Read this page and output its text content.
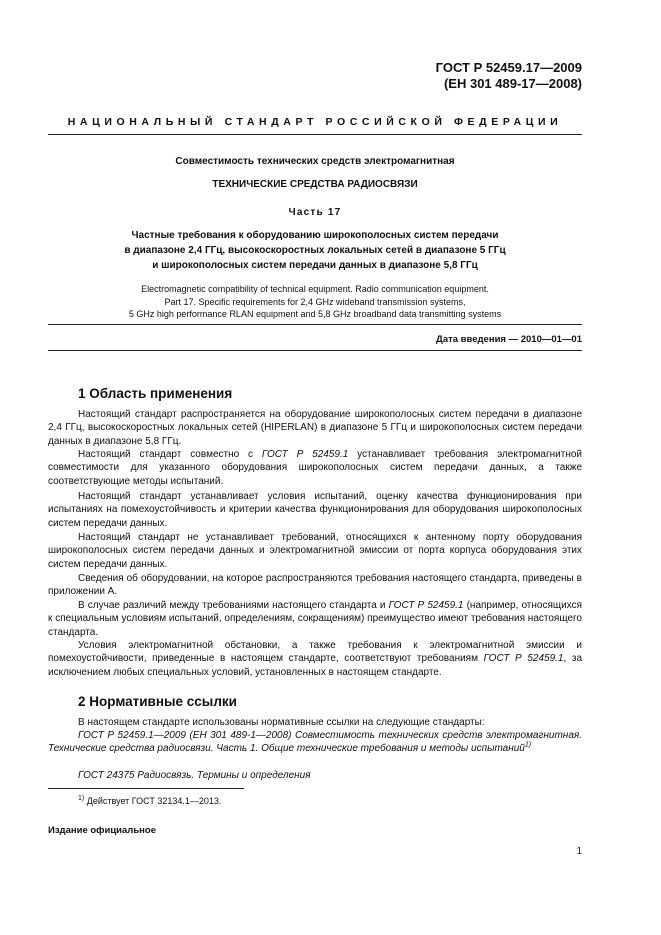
ГОСТ Р 52459.17—2009
(ЕН 301 489-17—2008)
НАЦИОНАЛЬНЫЙ СТАНДАРТ РОССИЙСКОЙ ФЕДЕРАЦИИ
Совместимость технических средств электромагнитная
ТЕХНИЧЕСКИЕ СРЕДСТВА РАДИОСВЯЗИ
Часть 17
Частные требования к оборудованию широкополосных систем передачи
в диапазоне 2,4 ГГц, высокоскоростных локальных сетей в диапазоне 5 ГГц
и широкополосных систем передачи данных в диапазоне 5,8 ГГц
Electromagnetic compatibility of technical equipment. Radio communication equipment.
Part 17. Specific requirements for 2,4 GHz wideband transmission systems,
5 GHz high performance RLAN equipment and 5,8 GHz broadband data transmitting systems
Дата введения — 2010—01—01
1 Область применения
Настоящий стандарт распространяется на оборудование широкополосных систем передачи в диапазоне 2,4 ГГц, высокоскоростных локальных сетей (HIPERLAN) в диапазоне 5 ГГц и широкополосных систем передачи данных в диапазоне 5,8 ГГц.
Настоящий стандарт совместно с ГОСТ Р 52459.1 устанавливает требования электромагнитной совместимости для указанного оборудования широкополосных систем передачи данных, а также соответствующие методы испытаний.
Настоящий стандарт устанавливает условия испытаний, оценку качества функционирования при испытаниях на помехоустойчивость и критерии качества функционирования для оборудования широкополосных систем передачи данных.
Настоящий стандарт не устанавливает требований, относящихся к антенному порту оборудования широкополосных систем передачи данных и электромагнитной эмиссии от порта корпуса оборудования этих систем передачи данных.
Сведения об оборудовании, на которое распространяются требования настоящего стандарта, приведены в приложении А.
В случае различий между требованиями настоящего стандарта и ГОСТ Р 52459.1 (например, относящихся к специальным условиям испытаний, определениям, сокращениям) преимущество имеют требования настоящего стандарта.
Условия электромагнитной обстановки, а также требования к электромагнитной эмиссии и помехоустойчивости, приведенные в настоящем стандарте, соответствуют требованиям ГОСТ Р 52459.1, за исключением любых специальных условий, установленных в настоящем стандарте.
2 Нормативные ссылки
В настоящем стандарте использованы нормативные ссылки на следующие стандарты:
ГОСТ Р 52459.1—2009 (ЕН 301 489-1—2008) Совместимость технических средств электромагнитная. Технические средства радиосвязи. Часть 1. Общие технические требования и методы испытаний$^{1)}$
ГОСТ 24375 Радиосвязь. Термины и определения
$^{1)}$ Действует ГОСТ 32134.1—2013.
Издание официальное
1
